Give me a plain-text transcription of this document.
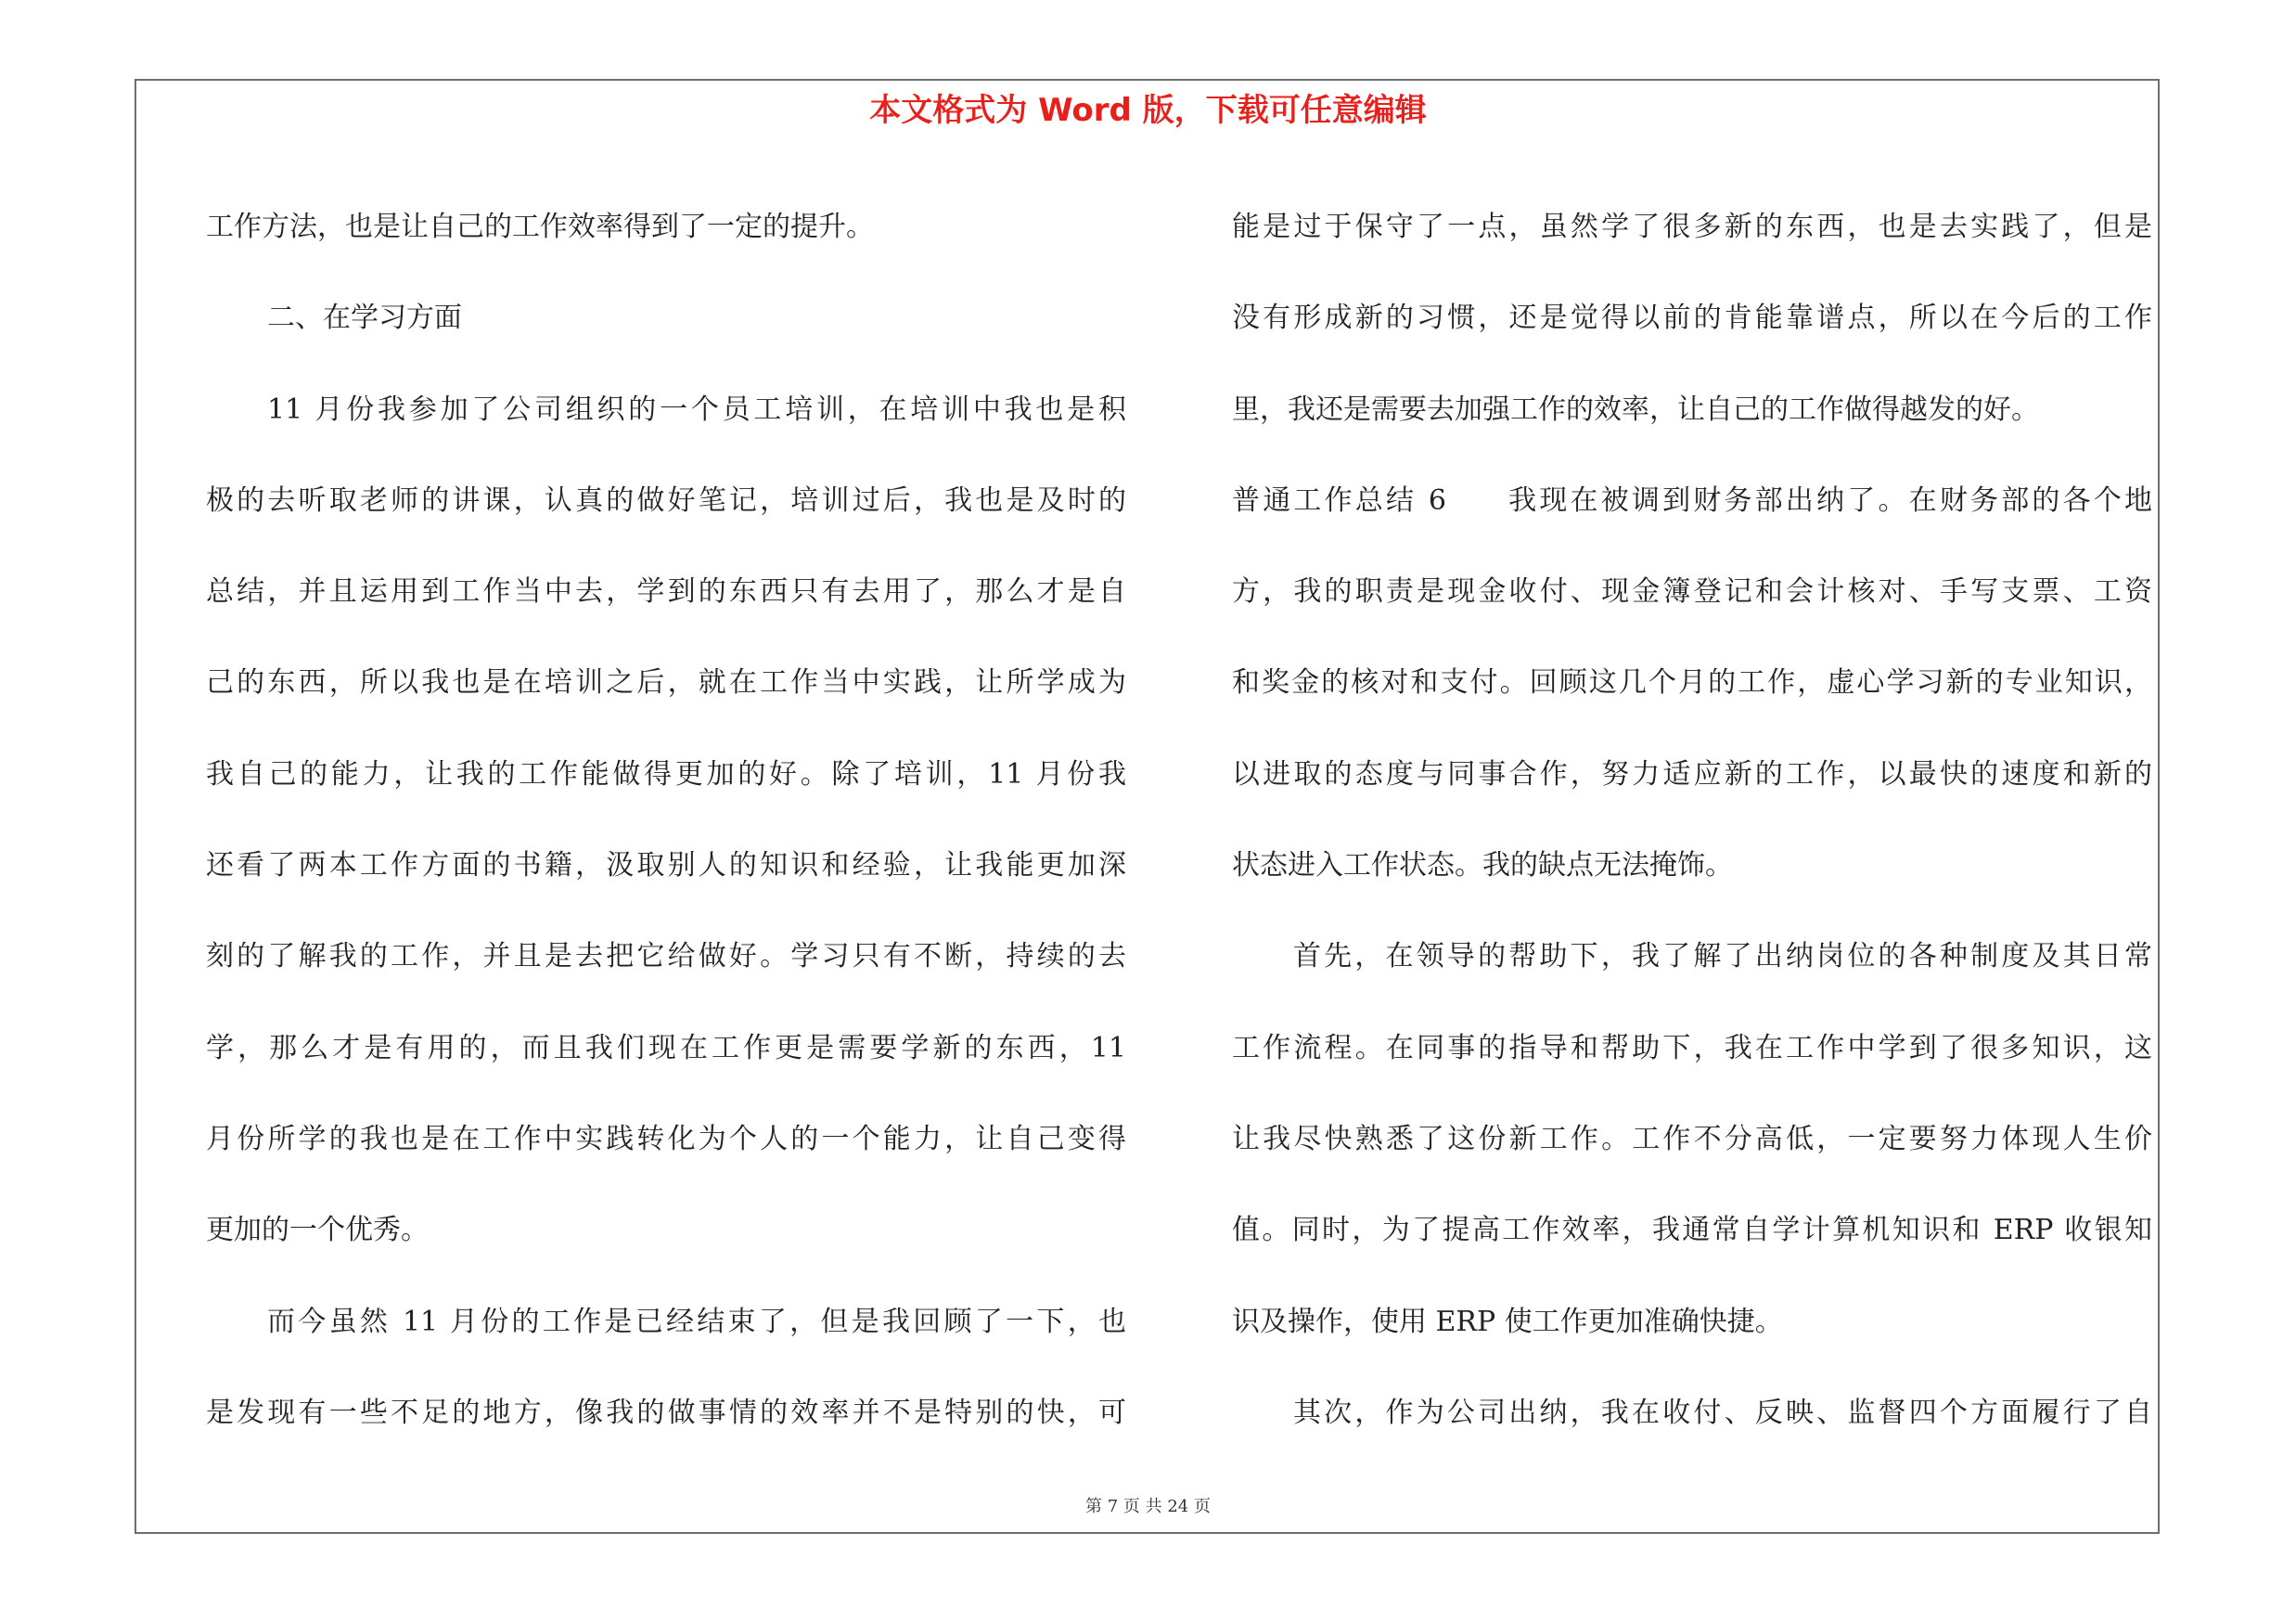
本文格式为 Word 版，下载可任意编辑
工作方法，也是让自己的工作效率得到了一定的提升。
二、在学习方面
11 月份我参加了公司组织的一个员工培训，在培训中我也是积
极的去听取老师的讲课，认真的做好笔记，培训过后，我也是及时的
总结，并且运用到工作当中去，学到的东西只有去用了，那么才是自
己的东西，所以我也是在培训之后，就在工作当中实践，让所学成为
我自己的能力，让我的工作能做得更加的好。除了培训，11 月份我
还看了两本工作方面的书籍，汲取别人的知识和经验，让我能更加深
刻的了解我的工作，并且是去把它给做好。学习只有不断，持续的去
学，那么才是有用的，而且我们现在工作更是需要学新的东西，11
月份所学的我也是在工作中实践转化为个人的一个能力，让自己变得
更加的一个优秀。
而今虽然 11 月份的工作是已经结束了，但是我回顾了一下，也
是发现有一些不足的地方，像我的做事情的效率并不是特别的快，可
能是过于保守了一点，虽然学了很多新的东西，也是去实践了，但是
没有形成新的习惯，还是觉得以前的肯能靠谱点，所以在今后的工作
里，我还是需要去加强工作的效率，让自己的工作做得越发的好。
普通工作总结 6 我现在被调到财务部出纳了。在财务部的各个地
方，我的职责是现金收付、现金簿登记和会计核对、手写支票、工资
和奖金的核对和支付。回顾这几个月的工作，虚心学习新的专业知识，
以进取的态度与同事合作，努力适应新的工作，以最快的速度和新的
状态进入工作状态。我的缺点无法掩饰。
首先，在领导的帮助下，我了解了出纳岗位的各种制度及其日常
工作流程。在同事的指导和帮助下，我在工作中学到了很多知识，这
让我尽快熟悉了这份新工作。工作不分高低，一定要努力体现人生价
值。同时，为了提高工作效率，我通常自学计算机知识和 ERP 收银知
识及操作，使用 ERP 使工作更加准确快捷。
其次，作为公司出纳，我在收付、反映、监督四个方面履行了自
第 7 页 共 24 页
